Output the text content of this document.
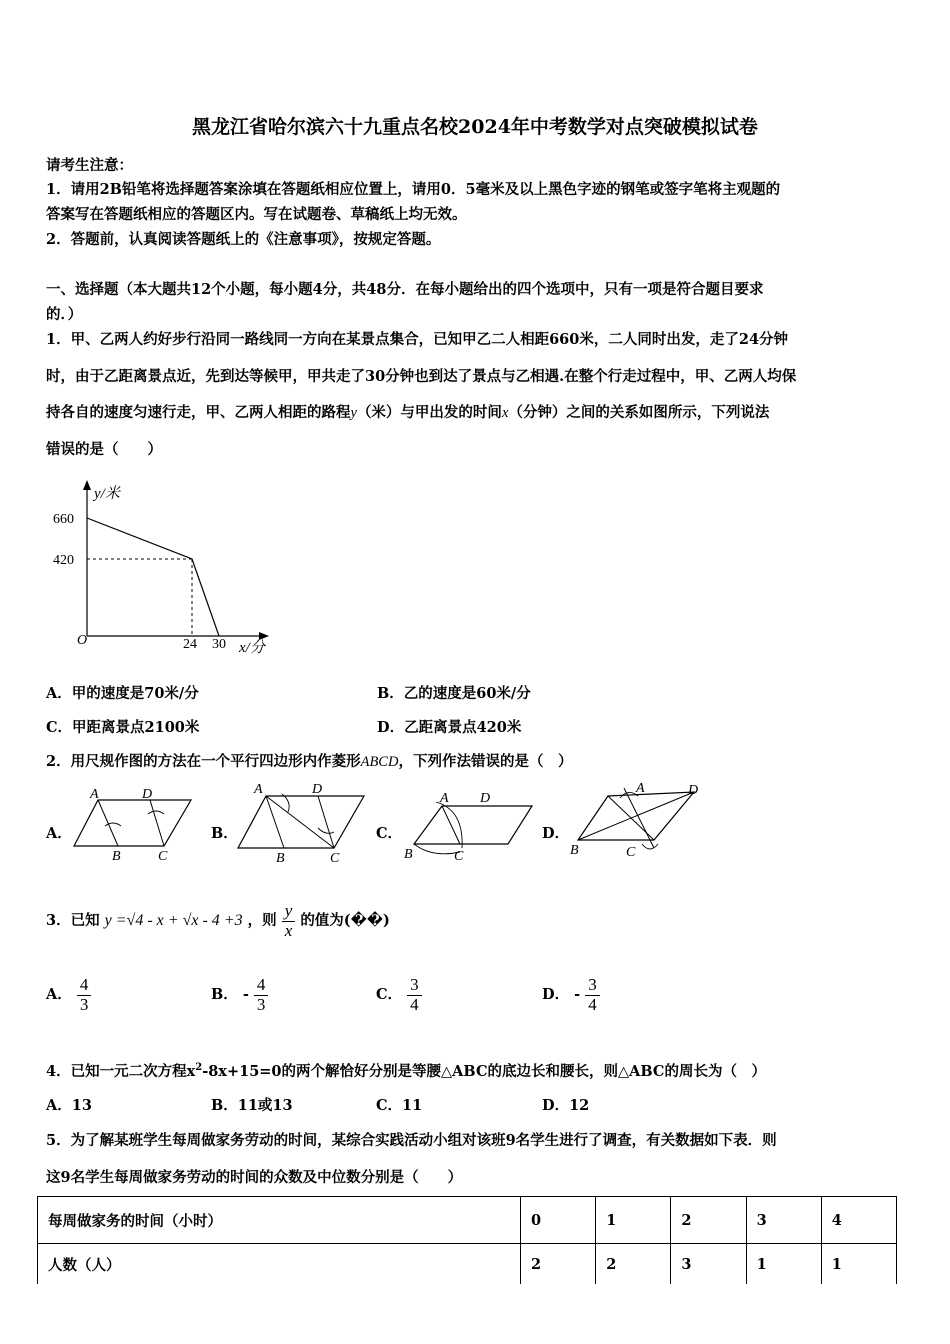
黑龙江省哈尔滨六十九重点名校2024年中考数学对点突破模拟试卷
请考生注意：
1．请用2B铅笔将选择题答案涂填在答题纸相应位置上，请用0．5毫米及以上黑色字迹的钢笔或签字笔将主观题的
答案写在答题纸相应的答题区内。写在试题卷、草稿纸上均无效。
2．答题前，认真阅读答题纸上的《注意事项》，按规定答题。
一、选择题（本大题共12个小题，每小题4分，共48分．在每小题给出的四个选项中，只有一项是符合题目要求
的．）
1．甲、乙两人约好步行沿同一路线同一方向在某景点集合，已知甲乙二人相距660米，二人同时出发，走了24分钟
时，由于乙距离景点近，先到达等候甲，甲共走了30分钟也到达了景点与乙相遇.在整个行走过程中，甲、乙两人均保
持各自的速度匀速行走，甲、乙两人相距的路程y（米）与甲出发的时间x（分钟）之间的关系如图所示，下列说法
错误的是（　　）
y/米
660
420
O	24 30 x/分
A．甲的速度是70米/分	B．乙的速度是60米/分
C．甲距离景点2100米	D．乙距离景点420米
2．用尺规作图的方法在一个平行四边形内作菱形ABCD，下列作法错误的是（　）
A．
A	D
B	C
B．
A	D
B	C
C．
A D
B	C
D．
A	D
B	C
3．已知 y =√4 - x + √x - 4 +3 ，则 $\frac{y}{x}$ 的值为(��)
A． $\frac{4}{3}$	B． - $\frac{4}{3}$	C． $\frac{3}{4}$	D． - $\frac{3}{4}$
4．已知一元二次方程$x^2-8x+15=0$的两个解恰好分别是等腰△ABC的底边长和腰长，则△ABC的周长为（　）
A．13	B．11或13	C．11	D．12
5．为了解某班学生每周做家务劳动的时间，某综合实践活动小组对该班9名学生进行了调查，有关数据如下表．则
这9名学生每周做家务劳动的时间的众数及中位数分别是（　　）
每周做家务的时间（小时）	0	1	2	3	4
人数（人）	2	2	3	1	1
